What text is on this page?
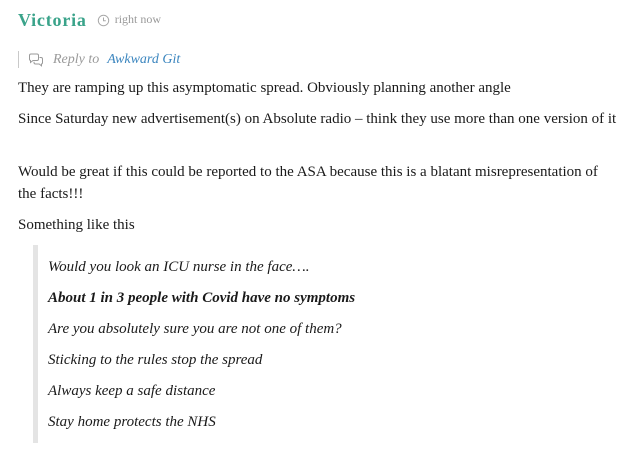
Victoria right now
Reply to Awkward Git

They are ramping up this asymptomatic spread. Obviously planning another angle

Since Saturday new advertisement(s) on Absolute radio – think they use more than one version of it

Would be great if this could be reported to the ASA because this is a blatant misrepresentation of the facts!!!

Something like this

Would you look an ICU nurse in the face….

About 1 in 3 people with Covid have no symptoms

Are you absolutely sure you are not one of them?

Sticking to the rules stop the spread

Always keep a safe distance

Stay home protects the NHS
